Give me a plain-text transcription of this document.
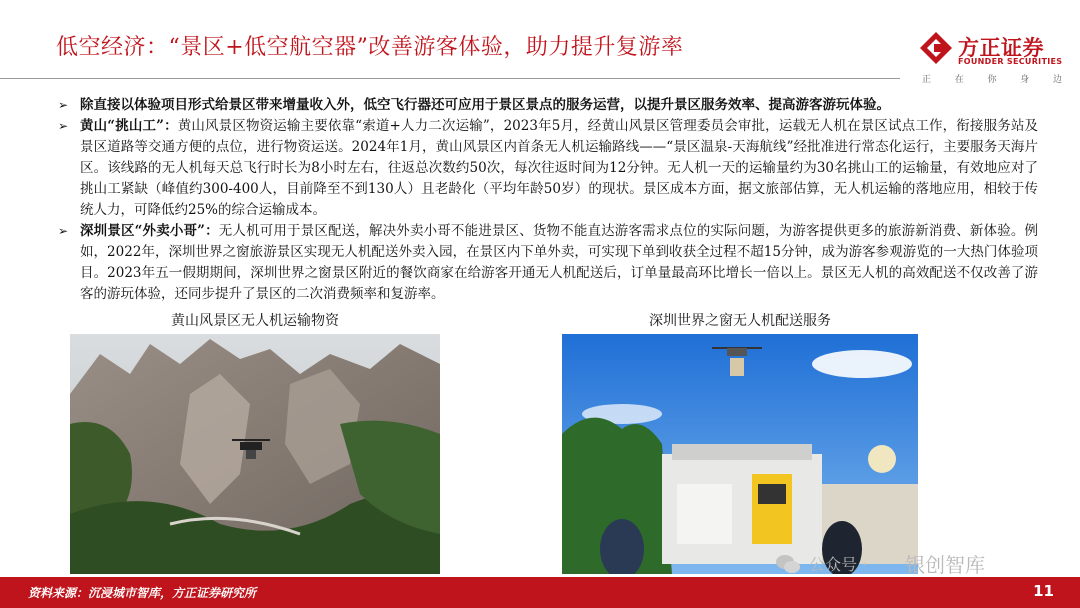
低空经济：“景区+低空航空器”改善游客体验，助力提升复游率	方正证券
FOUNDER SECURITIES
正	在	你	身	边
➢ 除直接以体验项目形式给景区带来增量收入外，低空飞行器还可应用于景区景点的服务运营，以提升景区服务效率、提高游客游玩体验。
➢ 黄山“挑山工”：黄山风景区物资运输主要依靠“索道+人力二次运输”，2023年5月，经黄山风景区管理委员会审批，运载无人机在景区试点工作，衔接服务站及景区道路等交通方便的点位，进行物资运送。2024年1月，黄山风景区内首条无人机运输路线——“景区温泉-天海航线”经批准进行常态化运行，主要服务天海片区。该线路的无人机每天总飞行时长为8小时左右，往返总次数约50次，每次往返时间为12分钟。无人机一天的运输量约为30名挑山工的运输量，有效地应对了挑山工紧缺（峰值约300-400人，目前降至不到130人）且老龄化（平均年龄50岁）的现状。景区成本方面，据文旅部估算，无人机运输的落地应用，相较于传统人力，可降低约25%的综合运输成本。
➢ 深圳景区“外卖小哥”：无人机可用于景区配送，解决外卖小哥不能进景区、货物不能直达游客需求点位的实际问题，为游客提供更多的旅游新消费、新体验。例如，2022年，深圳世界之窗旅游景区实现无人机配送外卖入园，在景区内下单外卖，可实现下单到收获全过程不超15分钟，成为游客参观游览的一大热门体验项目。2023年五一假期期间，深圳世界之窗景区附近的餐饮商家在给游客开通无人机配送后，订单量最高环比增长一倍以上。景区无人机的高效配送不仅改善了游客的游玩体验，还同步提升了景区的二次消费频率和复游率。
黄山风景区无人机运输物资	深圳世界之窗无人机配送服务
资料来源：沉浸城市智库，方正证券研究所	11
公众号 · 银创智库
